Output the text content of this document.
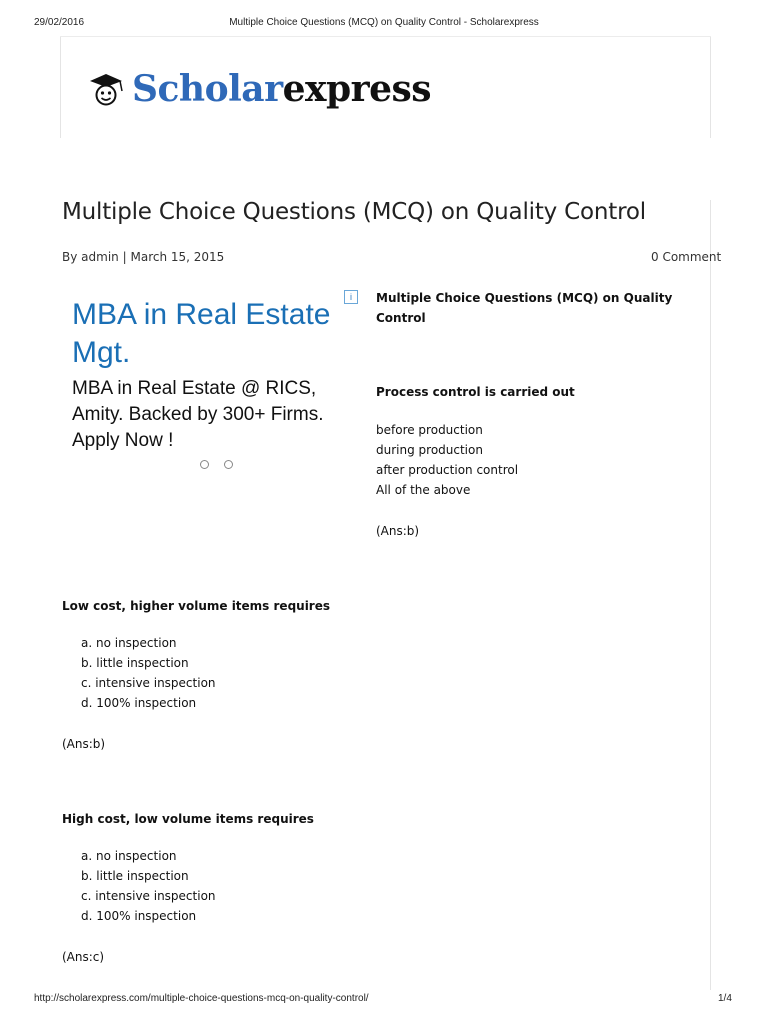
29/02/2016	Multiple Choice Questions (MCQ) on Quality Control - Scholarexpress
Scholarexpress
Multiple Choice Questions (MCQ) on Quality Control
By admin | March 15, 2015	0 Comment
MBA in Real Estate
Mgt.
MBA in Real Estate @ RICS,
Amity. Backed by 300+ Firms.
Apply Now !
i	Multiple Choice Questions (MCQ) on Quality
Control
Process control is carried out
before production
during production
after production control
All of the above
(Ans:b)
Low cost, higher volume items requires
a. no inspection
b. little inspection
c. intensive inspection
d. 100% inspection
(Ans:b)
High cost, low volume items requires
a. no inspection
b. little inspection
c. intensive inspection
d. 100% inspection
(Ans:c)
http://scholarexpress.com/multiple-choice-questions-mcq-on-quality-control/	1/4
